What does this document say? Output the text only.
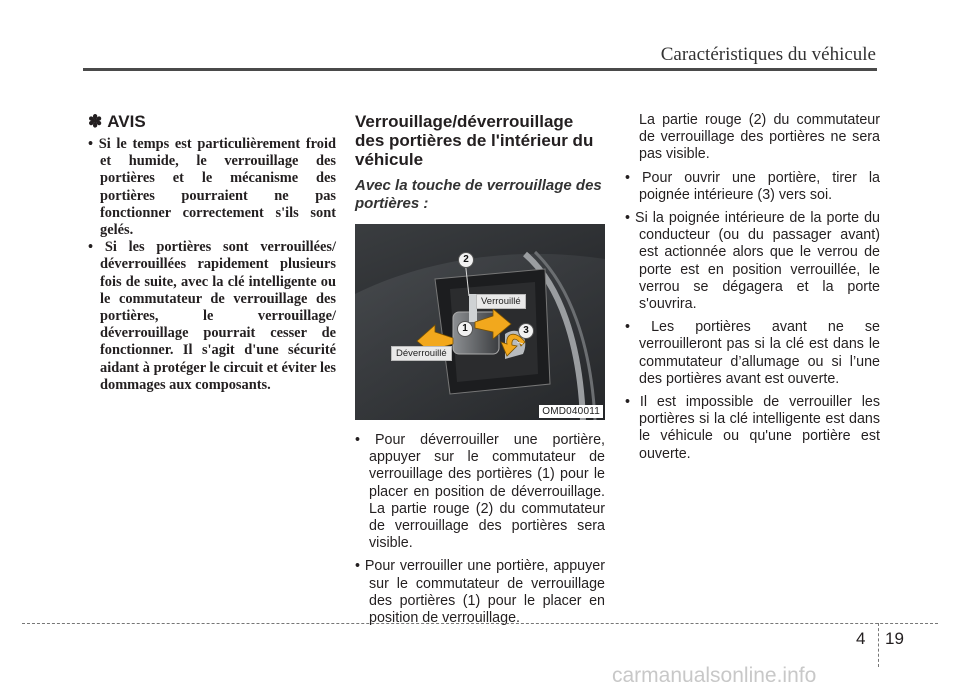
Caractéristiques du véhicule
✽ AVIS
• Si le temps est particulièrement froid et humide, le verrouillage des portières et le mécanisme des portières pourraient ne pas fonctionner correctement s'ils sont gelés.
• Si les portières sont verrouillées/ déverrouillées rapidement plusieurs fois de suite, avec la clé intelligente ou le commutateur de verrouillage des portières, le verrouillage/ déverrouillage pourrait cesser de fonctionner. Il s'agit d'une sécurité aidant à protéger le circuit et éviter les dommages aux composants.
Verrouillage/déverrouillage des portières de l'intérieur du véhicule
Avec la touche de verrouillage des portières :
2
1	3
Verrouillé
Déverrouillé
OMD040011
• Pour déverrouiller une portière, appuyer sur le commutateur de verrouillage des portières (1) pour le placer en position de déverrouillage. La partie rouge (2) du commutateur de verrouillage des portières sera visible.
• Pour verrouiller une portière, appuyer sur le commutateur de verrouillage des portières (1) pour le placer en position de verrouillage.

La partie rouge (2) du commutateur de verrouillage des portières ne sera pas visible.

• Pour ouvrir une portière, tirer la poignée intérieure (3) vers soi.
• Si la poignée intérieure de la porte du conducteur (ou du passager avant) est actionnée alors que le verrou de porte est en position verrouillée, le verrou se dégagera et la porte s'ouvrira.
• Les portières avant ne se verrouilleront pas si la clé est dans le commutateur d’allumage ou si l’une des portières avant est ouverte.
• Il est impossible de verrouiller les portières si la clé intelligente est dans le véhicule ou qu'une portière est ouverte.
4 19
carmanualsonline.info
